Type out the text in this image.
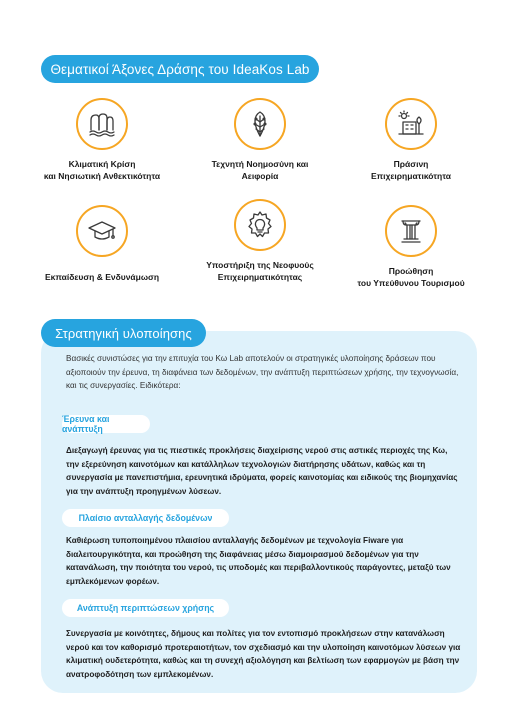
Θεματικοί Άξονες Δράσης του IdeaKos Lab
Κλιματική Κρίση
και Νησιωτική Ανθεκτικότητα
Τεχνητή Νοημοσύνη και
Αειφορία
Πράσινη
Επιχειρηματικότητα
Εκπαίδευση & Ενδυνάμωση
Υποστήριξη της Νεοφυούς
Επιχειρηματικότητας
Προώθηση
του Υπεύθυνου Τουρισμού
Στρατηγική υλοποίησης
Βασικές συνιστώσες για την επιτυχία του Κω Lab αποτελούν οι στρατηγικές υλοποίησης δράσεων που αξιοποιούν την έρευνα, τη διαφάνεια των δεδομένων, την ανάπτυξη περιπτώσεων χρήσης, την τεχνογνωσία, και τις συνεργασίες. Ειδικότερα:
Έρευνα και ανάπτυξη
Διεξαγωγή έρευνας για τις πιεστικές προκλήσεις διαχείρισης νερού στις αστικές περιοχές της Κω, την εξερεύνηση καινοτόμων και κατάλληλων τεχνολογιών διατήρησης υδάτων, καθώς και τη συνεργασία με πανεπιστήμια, ερευνητικά ιδρύματα, φορείς καινοτομίας και ειδικούς της βιομηχανίας για την ανάπτυξη προηγμένων λύσεων.
Πλαίσιο ανταλλαγής δεδομένων
Καθιέρωση τυποποιημένου πλαισίου ανταλλαγής δεδομένων με τεχνολογία Fiware για διαλειτουργικότητα, και προώθηση της διαφάνειας μέσω διαμοιρασμού δεδομένων για την κατανάλωση, την ποιότητα του νερού, τις υποδομές και περιβαλλοντικούς παράγοντες, μεταξύ των εμπλεκόμενων φορέων.
Ανάπτυξη περιπτώσεων χρήσης
Συνεργασία με κοινότητες, δήμους και πολίτες για τον εντοπισμό προκλήσεων στην κατανάλωση νερού και τον καθορισμό προτεραιοτήτων, τον σχεδιασμό και την υλοποίηση καινοτόμων λύσεων για κλιματική ουδετερότητα, καθώς και τη συνεχή αξιολόγηση και βελτίωση των εφαρμογών με βάση την ανατροφοδότηση των εμπλεκομένων.
